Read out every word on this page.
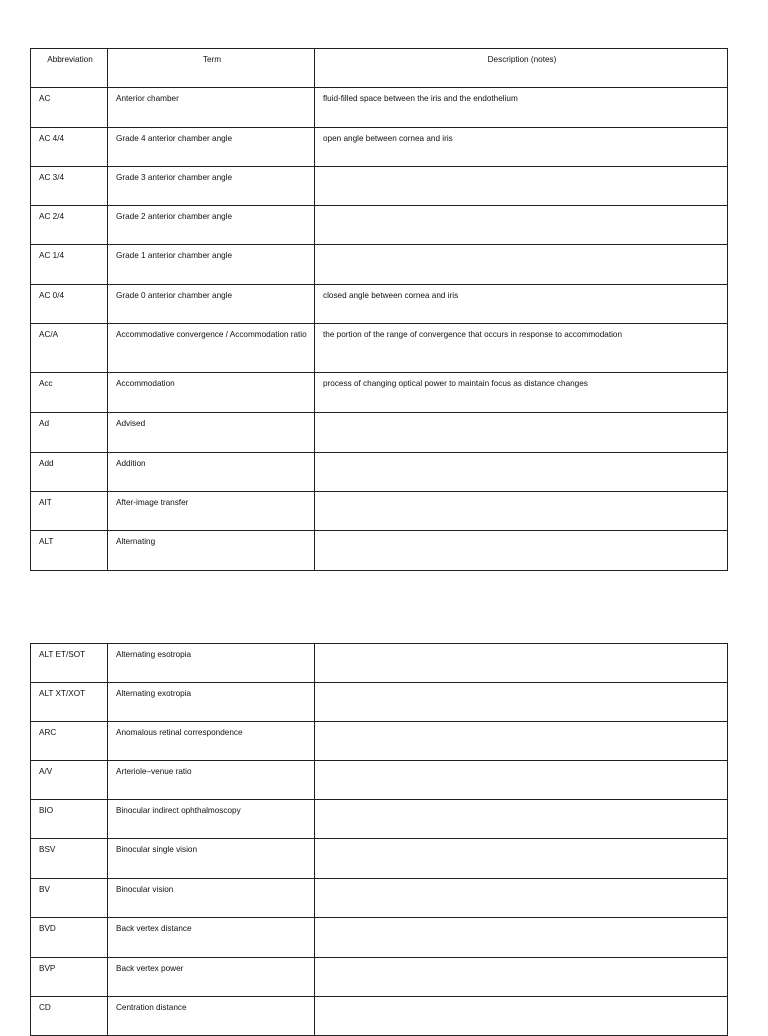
Abbreviation	Term	Description (notes)
AC	Anterior chamber	fluid-filled space between the iris and the endothelium
AC 4/4	Grade 4 anterior chamber angle	open angle between cornea and iris
AC 3/4	Grade 3 anterior chamber angle	
AC 2/4	Grade 2 anterior chamber angle	
AC 1/4	Grade 1 anterior chamber angle	
AC 0/4	Grade 0 anterior chamber angle	closed angle between cornea and iris
AC/A	Accommodative convergence / Accommodation ratio	the portion of the range of convergence that occurs in response to accommodation
Acc	Accommodation	process of changing optical power to maintain focus as distance changes
Ad	Advised	
Add	Addition	
AIT	After-image transfer	
ALT	Alternating	
ALT ET/SOT	Alternating esotropia	
ALT XT/XOT	Alternating exotropia	
ARC	Anomalous retinal correspondence	
A/V	Arteriole–venue ratio	
BIO	Binocular indirect ophthalmoscopy	
BSV	Binocular single vision	
BV	Binocular vision	
BVD	Back vertex distance	
BVP	Back vertex power	
CD	Centration distance	
